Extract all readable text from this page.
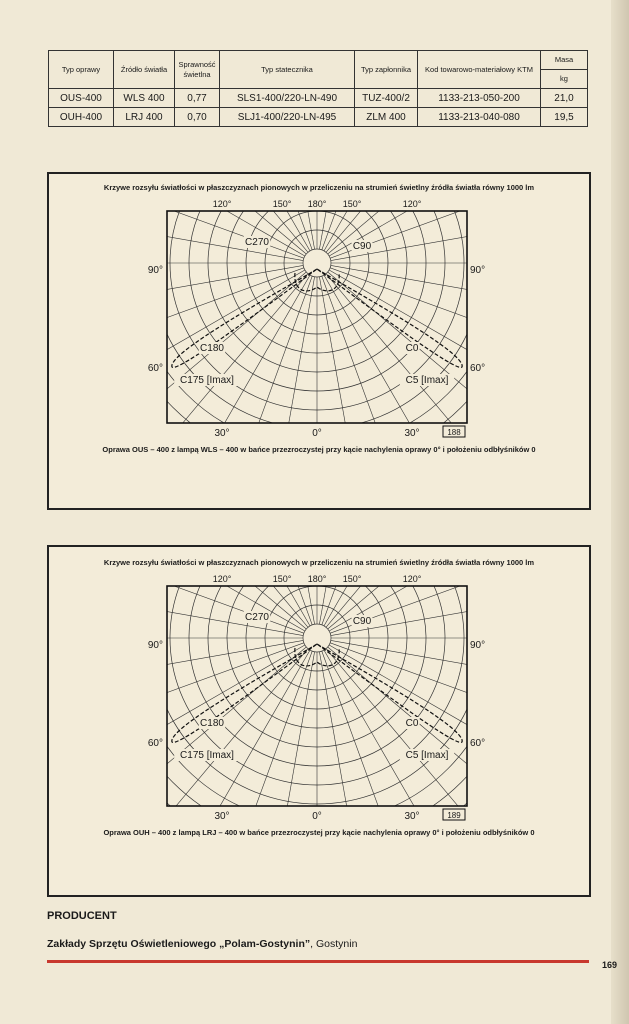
Typ oprawy	Źródło światła	Sprawność świetlna	Typ statecznika	Typ zapłonnika	Kod towarowo-materiałowy KTM	Masa
						kg
OUS-400	WLS 400	0,77	SLS1-400/220-LN-490	TUZ-400/2	1133-213-050-200	21,0
OUH-400	LRJ 400	0,70	SLJ1-400/220-LN-495	ZLM 400	1133-213-040-080	19,5
Krzywe rozsyłu światłości w płaszczyznach pionowych w przeliczeniu na strumień świetlny źródła światła równy 1000 lm
120°	150° 180° 150°	120°
90°
60°
90°
60°
30°	0°	30°
C270	C90
C180	C0
C175 [Imax]	C5 [Imax]
188
Oprawa OUS – 400 z lampą WLS – 400 w bańce przezroczystej przy kącie nachylenia oprawy 0° i położeniu odbłyśników 0
Krzywe rozsyłu światłości w płaszczyznach pionowych w przeliczeniu na strumień świetlny źródła światła równy 1000 lm
120°	150° 180° 150°	120°
90°
60°
90°
60°
30°	0°	30°
C270	C90
C180	C0
C175 [Imax]	C5 [Imax]
189
Oprawa OUH – 400 z lampą LRJ – 400 w bańce przezroczystej przy kącie nachylenia oprawy 0° i położeniu odbłyśników 0
PRODUCENT
Zakłady Sprzętu Oświetleniowego „Polam-Gostynin”, Gostynin
169
